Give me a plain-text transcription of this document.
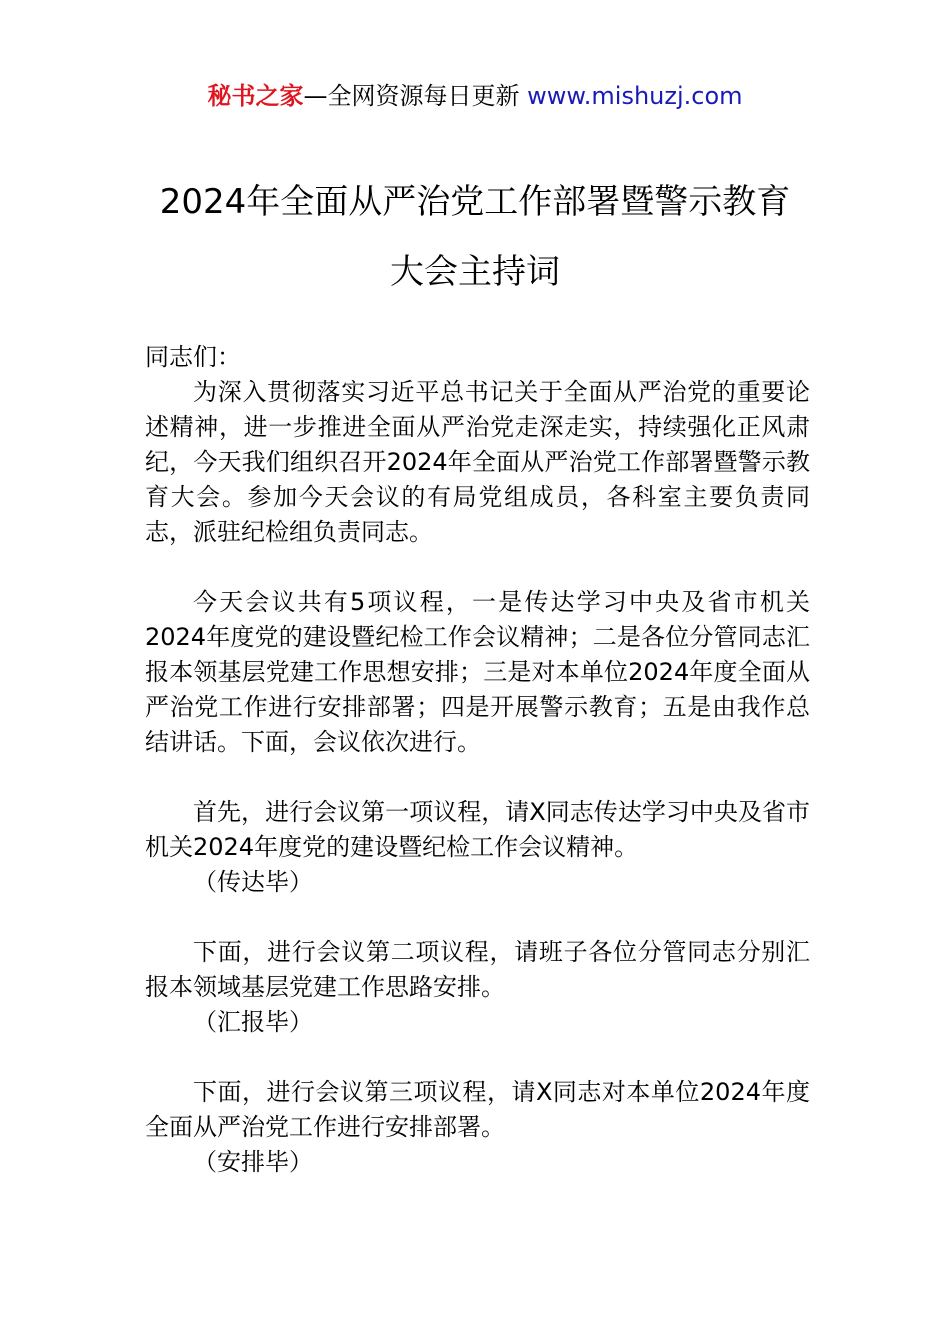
秘书之家—全网资源每日更新 www.mishuzj.com
2024年全面从严治党工作部署暨警示教育
大会主持词

同志们：

为深入贯彻落实习近平总书记关于全面从严治党的重要论述精神，进一步推进全面从严治党走深走实，持续强化正风肃纪，今天我们组织召开2024年全面从严治党工作部署暨警示教育大会。参加今天会议的有局党组成员，各科室主要负责同志，派驻纪检组负责同志。

今天会议共有5项议程，一是传达学习中央及省市机关2024年度党的建设暨纪检工作会议精神；二是各位分管同志汇报本领基层党建工作思想安排；三是对本单位2024年度全面从严治党工作进行安排部署；四是开展警示教育；五是由我作总结讲话。下面，会议依次进行。

首先，进行会议第一项议程，请X同志传达学习中央及省市机关2024年度党的建设暨纪检工作会议精神。

（传达毕）

下面，进行会议第二项议程，请班子各位分管同志分别汇报本领域基层党建工作思路安排。

（汇报毕）

下面，进行会议第三项议程，请X同志对本单位2024年度全面从严治党工作进行安排部署。

（安排毕）
